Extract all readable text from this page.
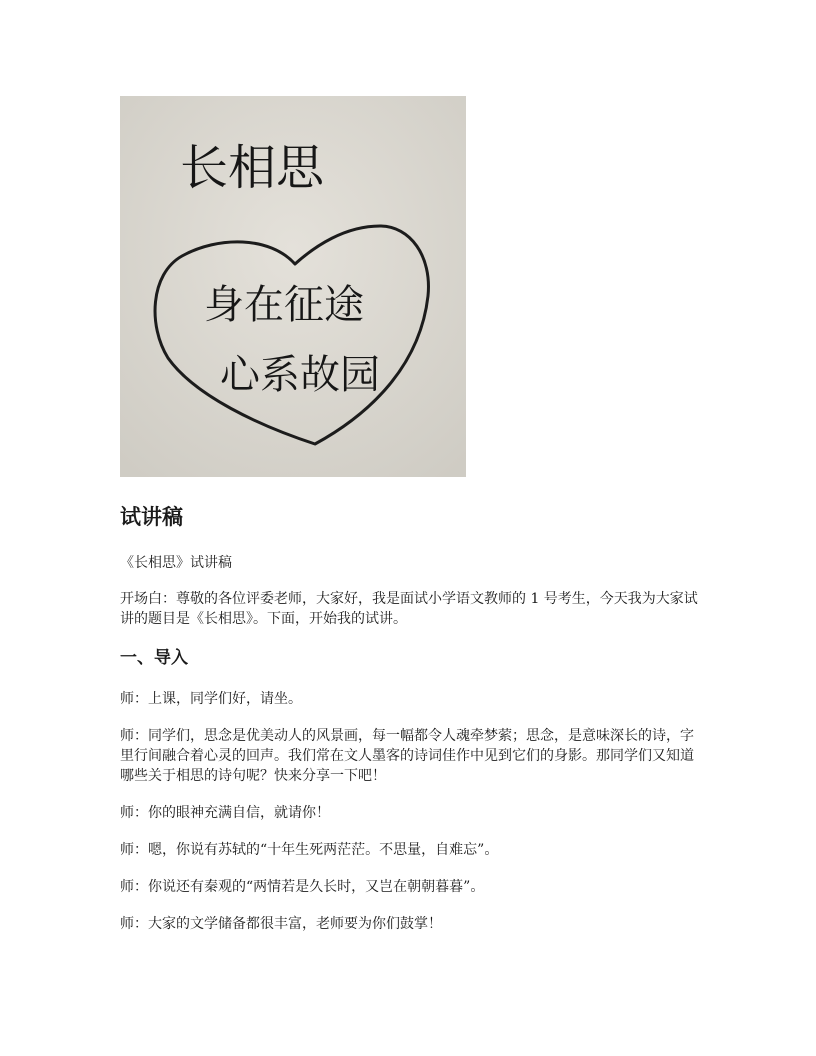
长相思
身在征途
心系故园
试讲稿

《长相思》试讲稿

开场白：尊敬的各位评委老师，大家好，我是面试小学语文教师的 1 号考生，今天我为大家试讲的题目是《长相思》。下面，开始我的试讲。

一、导入

师：上课，同学们好，请坐。

师：同学们，思念是优美动人的风景画，每一幅都令人魂牵梦萦；思念，是意味深长的诗，字里行间融合着心灵的回声。我们常在文人墨客的诗词佳作中见到它们的身影。那同学们又知道哪些关于相思的诗句呢？快来分享一下吧！

师：你的眼神充满自信，就请你！

师：嗯，你说有苏轼的“十年生死两茫茫。不思量，自难忘”。

师：你说还有秦观的“两情若是久长时，又岂在朝朝暮暮”。

师：大家的文学储备都很丰富，老师要为你们鼓掌！
